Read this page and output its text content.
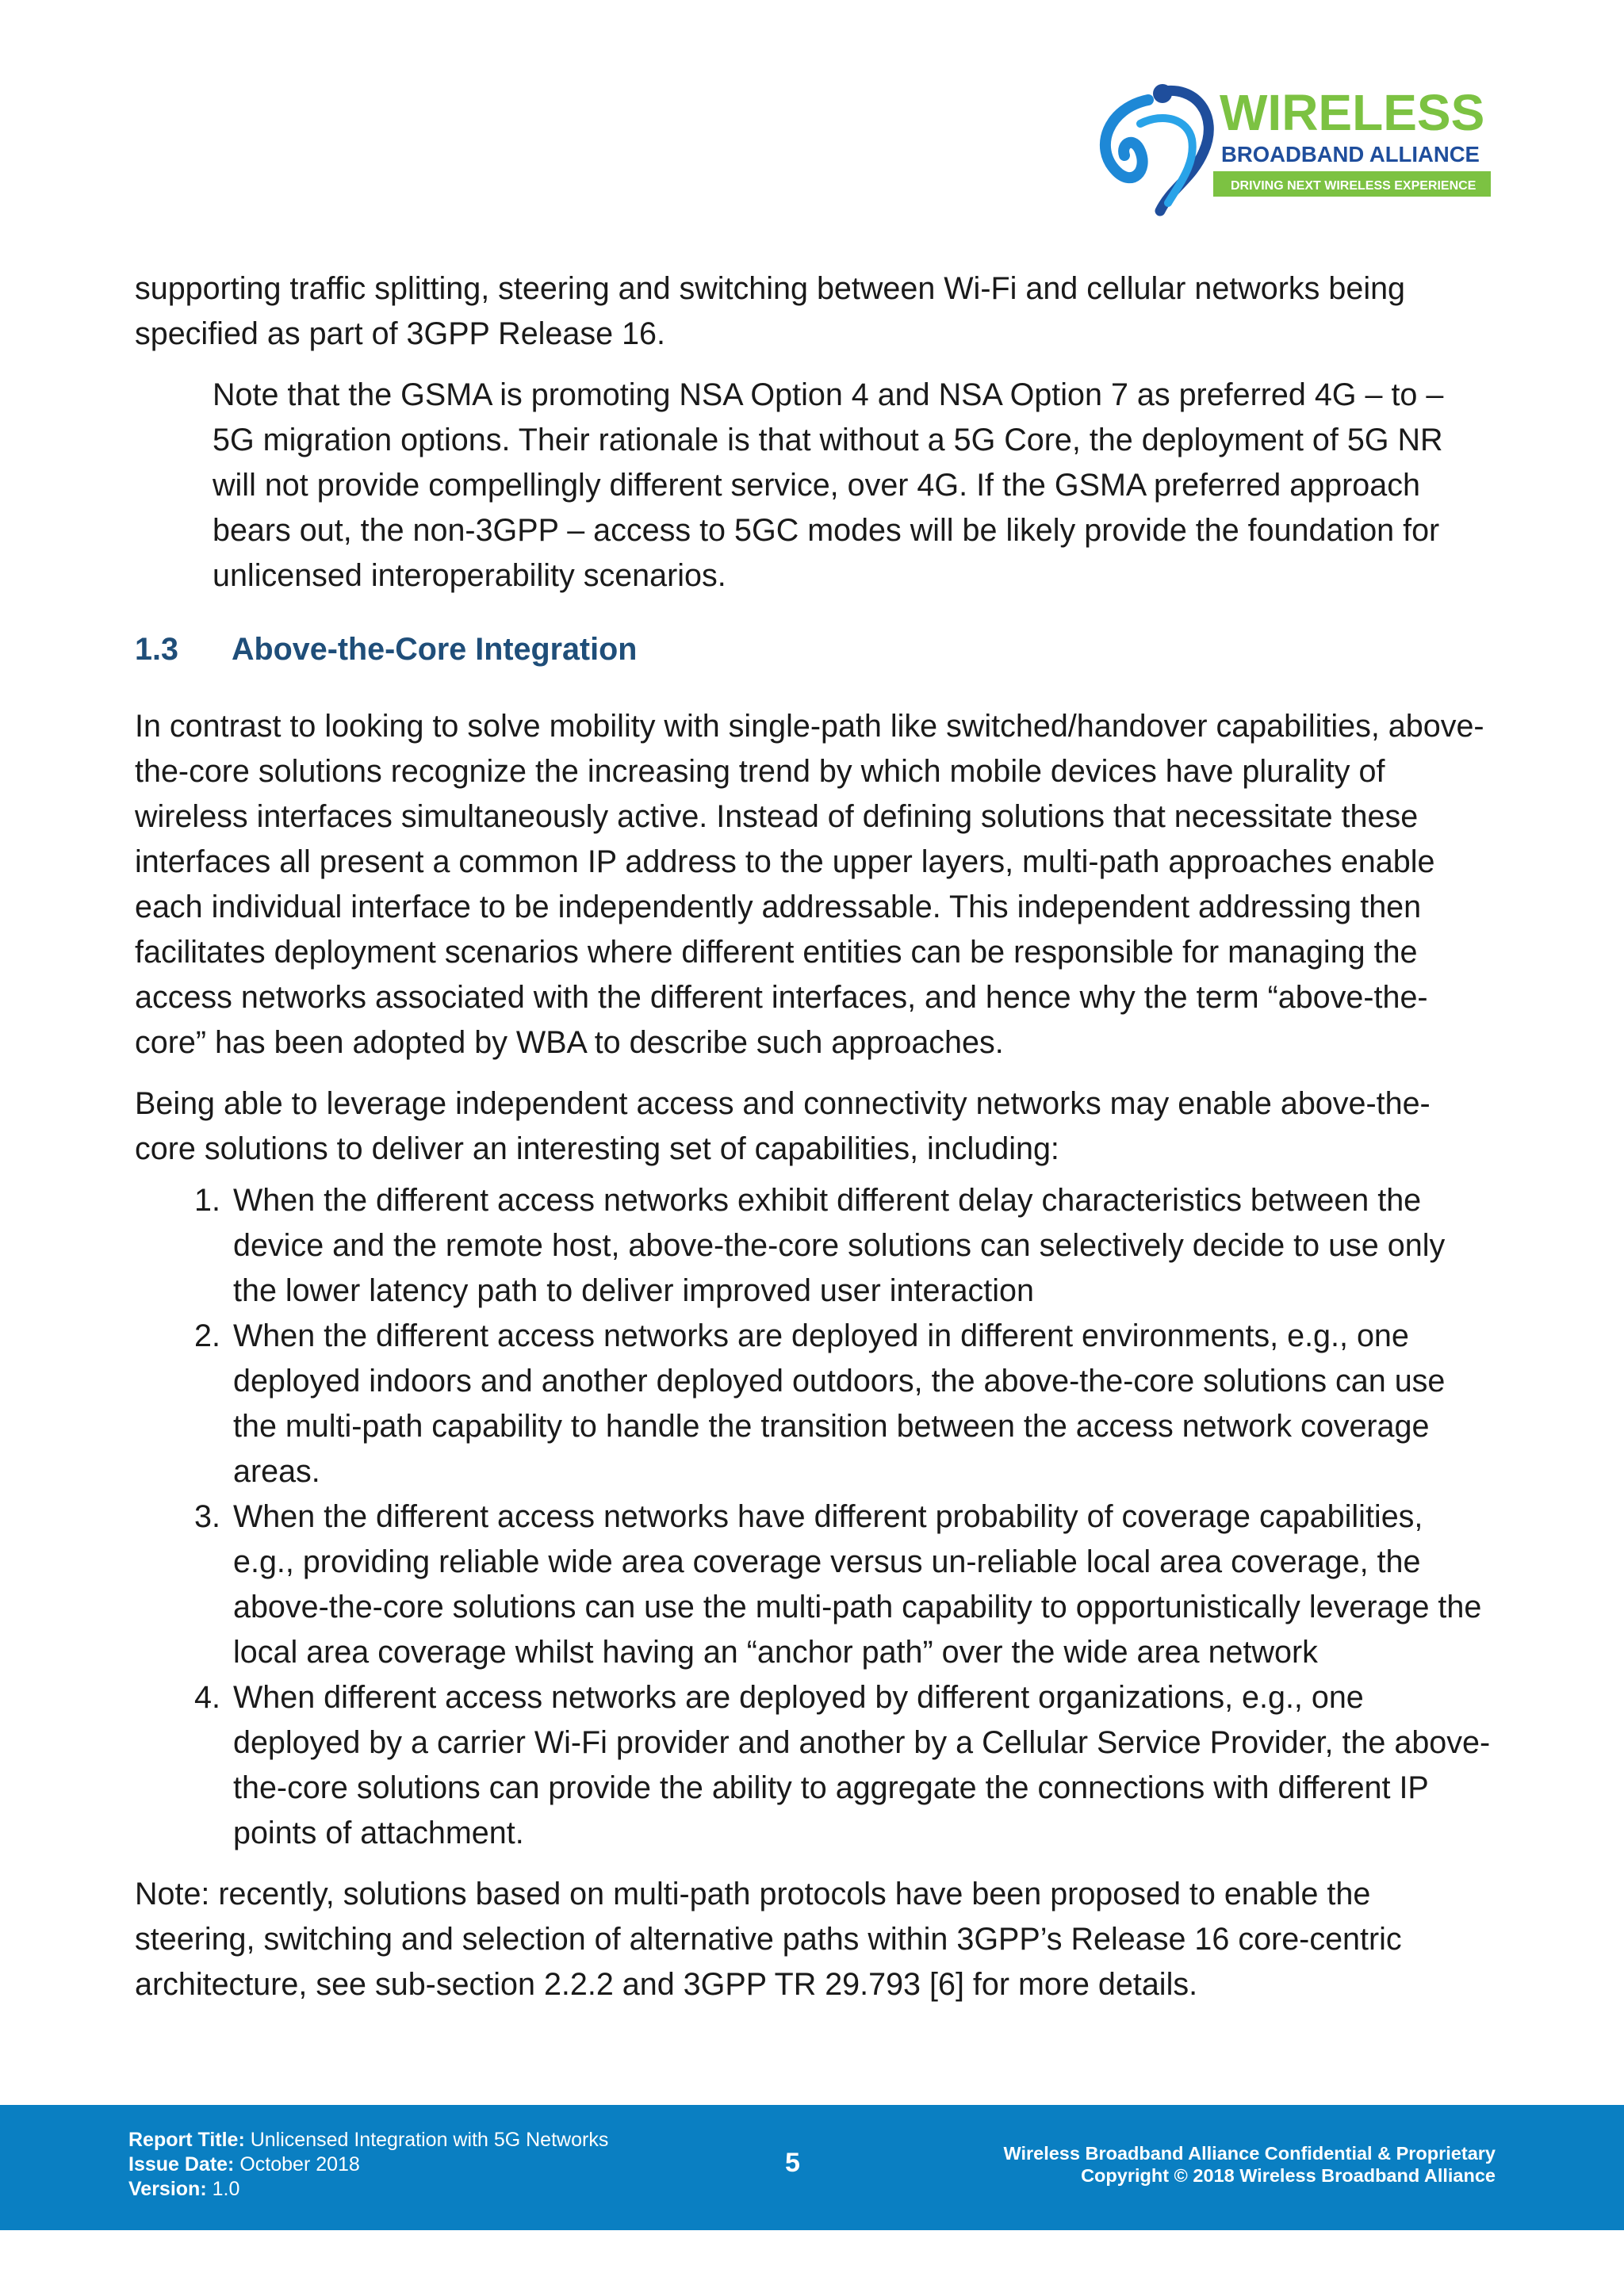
WIRELESS
BROADBAND ALLIANCE
DRIVING NEXT WIRELESS EXPERIENCE

supporting traffic splitting, steering and switching between Wi-Fi and cellular networks being specified as part of 3GPP Release 16.

Note that the GSMA is promoting NSA Option 4 and NSA Option 7 as preferred 4G – to – 5G migration options. Their rationale is that without a 5G Core, the deployment of 5G NR will not provide compellingly different service, over 4G. If the GSMA preferred approach bears out, the non-3GPP – access to 5GC modes will be likely provide the foundation for unlicensed interoperability scenarios.

1.3	Above-the-Core Integration

In contrast to looking to solve mobility with single-path like switched/handover capabilities, above-the-core solutions recognize the increasing trend by which mobile devices have plurality of wireless interfaces simultaneously active. Instead of defining solutions that necessitate these interfaces all present a common IP address to the upper layers, multi-path approaches enable each individual interface to be independently addressable. This independent addressing then facilitates deployment scenarios where different entities can be responsible for managing the access networks associated with the different interfaces, and hence why the term “above-the-core” has been adopted by WBA to describe such approaches.

Being able to leverage independent access and connectivity networks may enable above-the-core solutions to deliver an interesting set of capabilities, including:

1. When the different access networks exhibit different delay characteristics between the device and the remote host, above-the-core solutions can selectively decide to use only the lower latency path to deliver improved user interaction
2. When the different access networks are deployed in different environments, e.g., one deployed indoors and another deployed outdoors, the above-the-core solutions can use the multi-path capability to handle the transition between the access network coverage areas.
3. When the different access networks have different probability of coverage capabilities, e.g., providing reliable wide area coverage versus un-reliable local area coverage, the above-the-core solutions can use the multi-path capability to opportunistically leverage the local area coverage whilst having an “anchor path” over the wide area network
4. When different access networks are deployed by different organizations, e.g., one deployed by a carrier Wi-Fi provider and another by a Cellular Service Provider, the above-the-core solutions can provide the ability to aggregate the connections with different IP points of attachment.

Note: recently, solutions based on multi-path protocols have been proposed to enable the steering, switching and selection of alternative paths within 3GPP’s Release 16 core-centric architecture, see sub-section 2.2.2 and 3GPP TR 29.793 [6] for more details.

Report Title: Unlicensed Integration with 5G Networks
Issue Date: October 2018
Version: 1.0
5	Wireless Broadband Alliance Confidential & Proprietary
Copyright © 2018 Wireless Broadband Alliance
